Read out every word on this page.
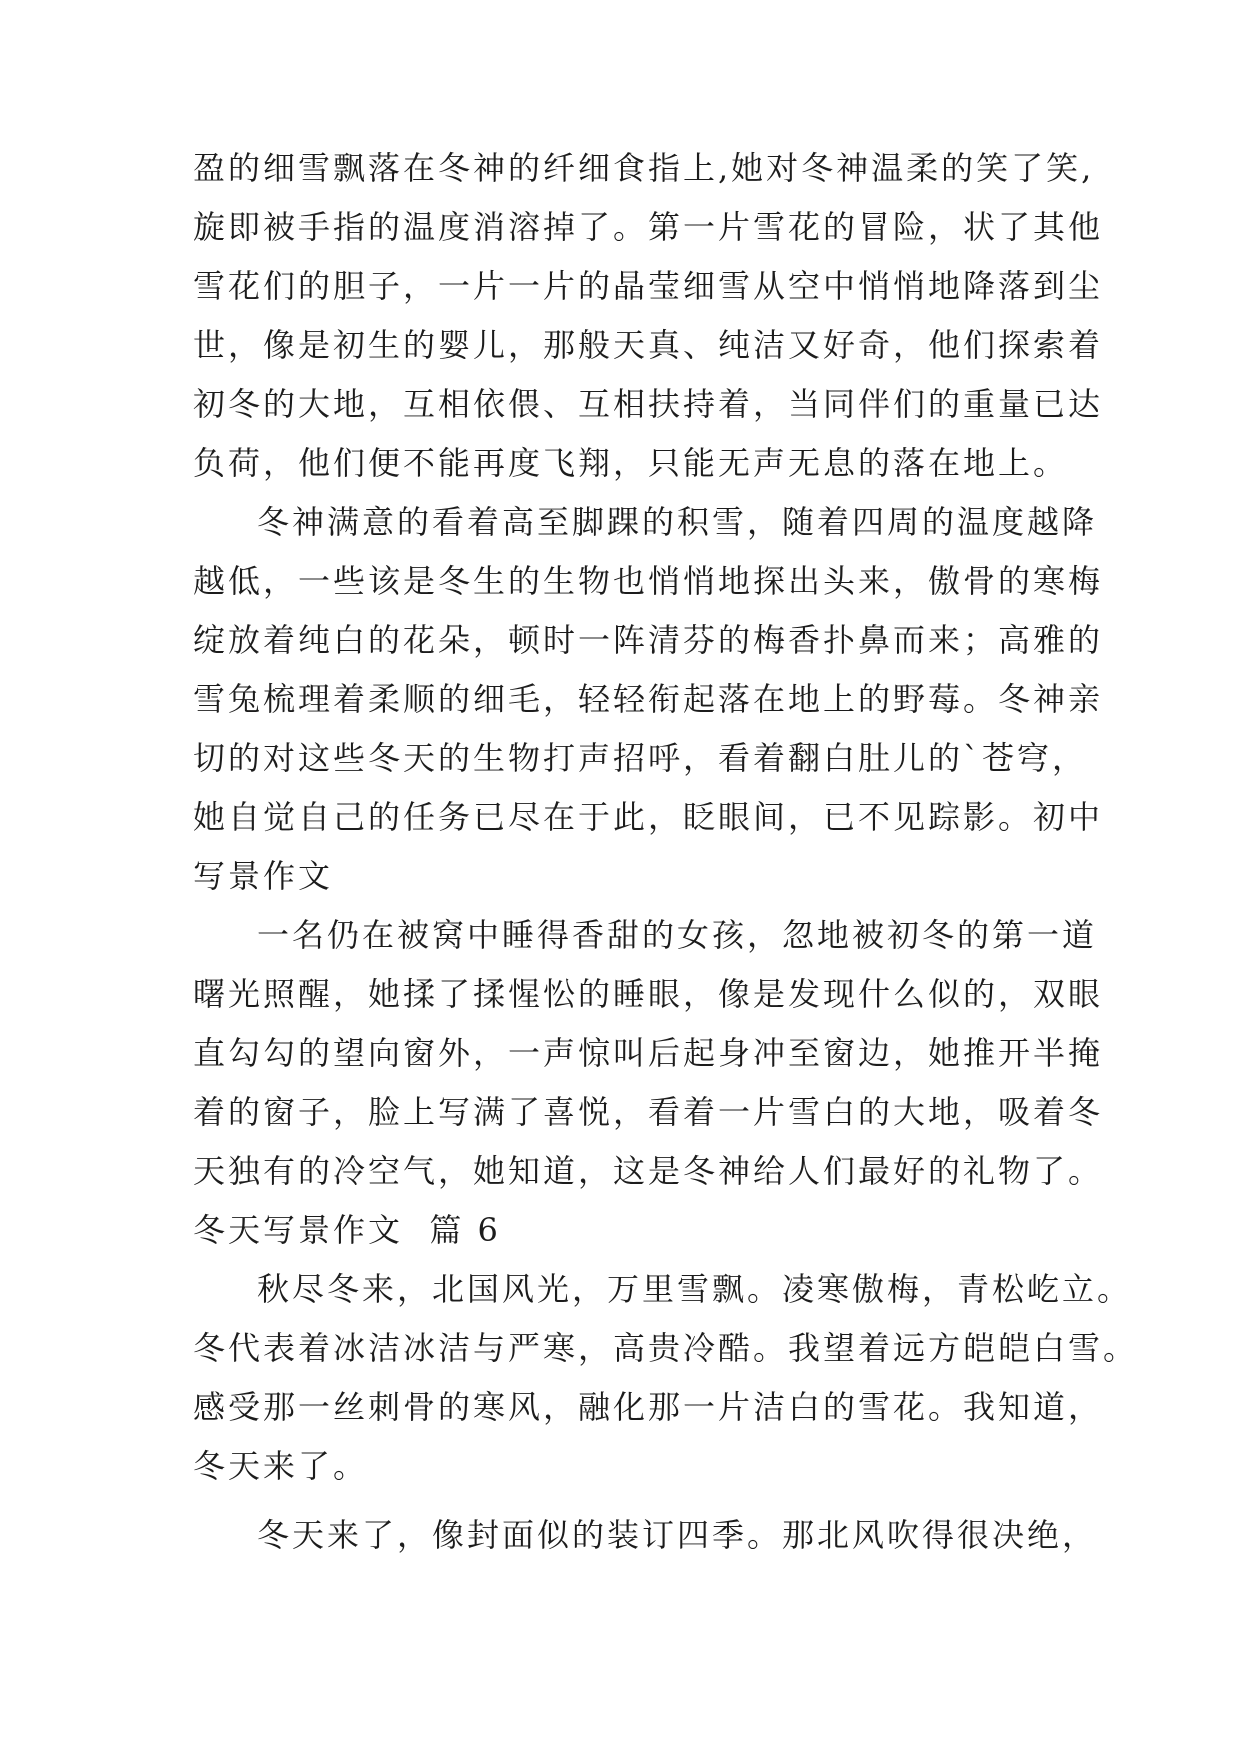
盈的细雪飘落在冬神的纤细食指上,她对冬神温柔的笑了笑,
旋即被手指的温度消溶掉了。第一片雪花的冒险，状了其他
雪花们的胆子，一片一片的晶莹细雪从空中悄悄地降落到尘
世，像是初生的婴儿，那般天真、纯洁又好奇，他们探索着
初冬的大地，互相依偎、互相扶持着，当同伴们的重量已达
负荷，他们便不能再度飞翔，只能无声无息的落在地上。
冬神满意的看着高至脚踝的积雪，随着四周的温度越降
越低，一些该是冬生的生物也悄悄地探出头来，傲骨的寒梅
绽放着纯白的花朵，顿时一阵清芬的梅香扑鼻而来；高雅的
雪兔梳理着柔顺的细毛，轻轻衔起落在地上的野莓。冬神亲
切的对这些冬天的生物打声招呼，看着翻白肚儿的`苍穹，
她自觉自己的任务已尽在于此，眨眼间，已不见踪影。初中
写景作文
一名仍在被窝中睡得香甜的女孩，忽地被初冬的第一道
曙光照醒，她揉了揉惺忪的睡眼，像是发现什么似的，双眼
直勾勾的望向窗外，一声惊叫后起身冲至窗边，她推开半掩
着的窗子，脸上写满了喜悦，看着一片雪白的大地，吸着冬
天独有的冷空气，她知道，这是冬神给人们最好的礼物了。
冬天写景作文  篇 6
秋尽冬来，北国风光，万里雪飘。凌寒傲梅，青松屹立。
冬代表着冰洁冰洁与严寒，高贵冷酷。我望着远方皑皑白雪。
感受那一丝刺骨的寒风，融化那一片洁白的雪花。我知道，
冬天来了。
冬天来了，像封面似的装订四季。那北风吹得很决绝，
